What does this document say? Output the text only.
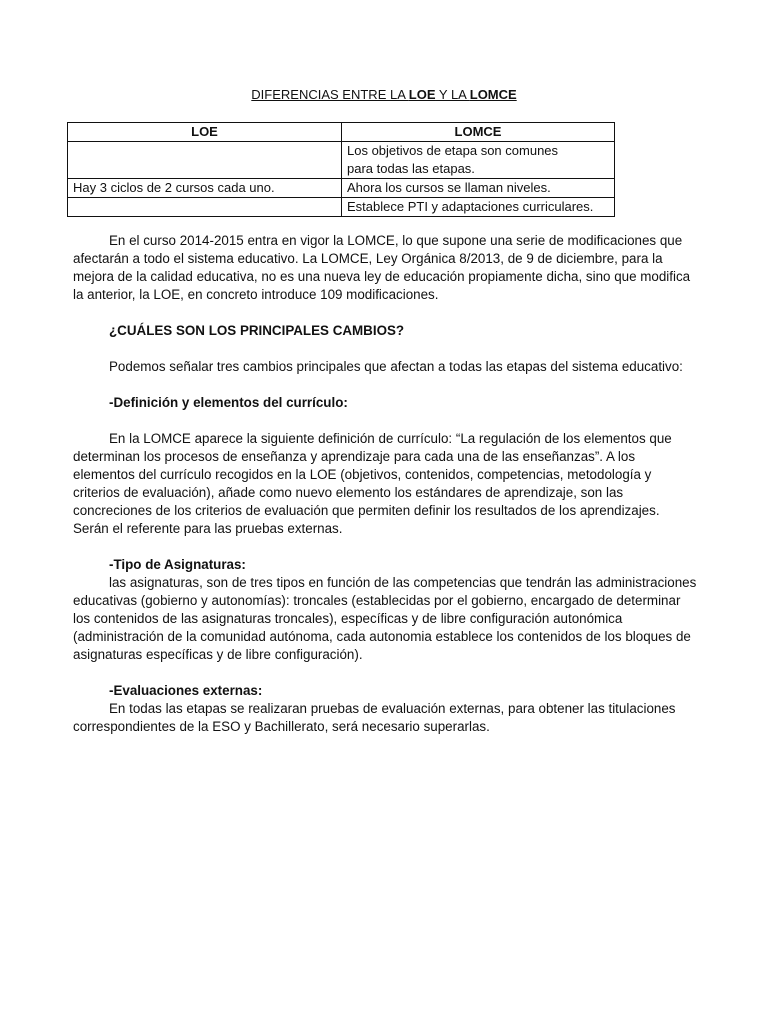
DIFERENCIAS ENTRE LA LOE Y LA LOMCE
LOE	LOMCE
	Los objetivos de etapa son comunes para todas las etapas.
Hay 3 ciclos de 2 cursos cada uno.	Ahora los cursos se llaman niveles.
	Establece PTI y adaptaciones curriculares.

En el curso 2014-2015 entra en vigor la LOMCE, lo que supone una serie de modificaciones que afectarán a todo el sistema educativo. La LOMCE, Ley Orgánica 8/2013, de 9 de diciembre, para la mejora de la calidad educativa, no es una nueva ley de educación propiamente dicha, sino que modifica la anterior, la LOE, en concreto introduce 109 modificaciones.

¿CUÁLES SON LOS PRINCIPALES CAMBIOS?

Podemos señalar tres cambios principales que afectan a todas las etapas del sistema educativo:

-Definición y elementos del currículo:

En la LOMCE aparece la siguiente definición de currículo: “La regulación de los elementos que determinan los procesos de enseñanza y aprendizaje para cada una de las enseñanzas”. A los elementos del currículo recogidos en la LOE (objetivos, contenidos, competencias, metodología y criterios de evaluación), añade como nuevo elemento los estándares de aprendizaje, son las concreciones de los criterios de evaluación que permiten definir los resultados de los aprendizajes. Serán el referente para las pruebas externas.

-Tipo de Asignaturas:

las asignaturas, son de tres tipos en función de las competencias que tendrán las administraciones educativas (gobierno y autonomías): troncales (establecidas por el gobierno, encargado de determinar los contenidos de las asignaturas troncales), específicas y de libre configuración autonómica (administración de la comunidad autónoma, cada autonomia establece los contenidos de los bloques de asignaturas específicas y de libre configuración).

-Evaluaciones externas:

En todas las etapas se realizaran pruebas de evaluación externas, para obtener las titulaciones correspondientes de la ESO y Bachillerato, será necesario superarlas.
